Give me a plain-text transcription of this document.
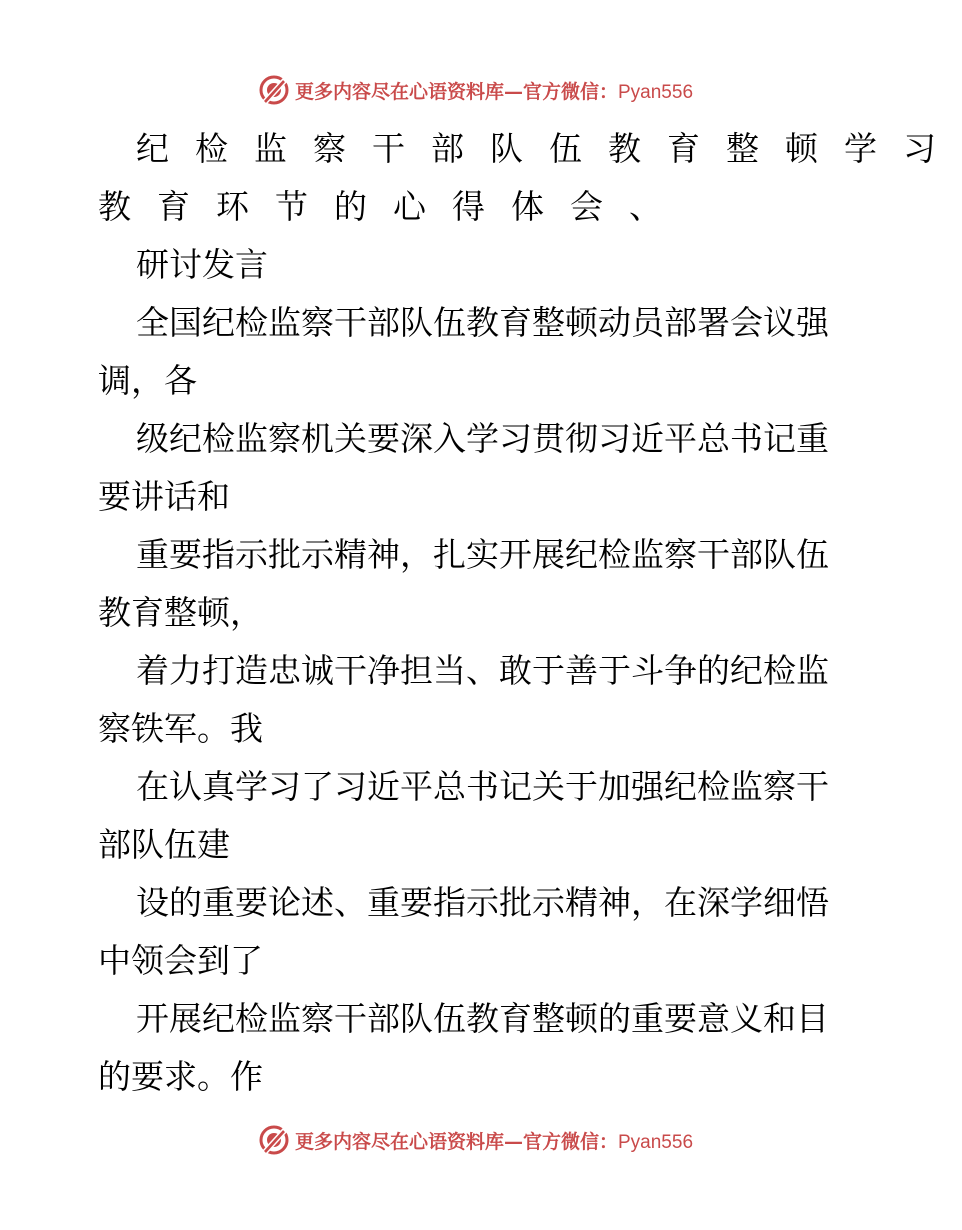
更多内容尽在心语资料库—官方微信：Pyan556
纪检监察干部队伍教育整顿学习
教育环节的心得体会、
研讨发言
全国纪检监察干部队伍教育整顿动员部署会议强
调，各
级纪检监察机关要深入学习贯彻习近平总书记重
要讲话和
重要指示批示精神，扎实开展纪检监察干部队伍
教育整顿，
着力打造忠诚干净担当、敢于善于斗争的纪检监
察铁军。我
在认真学习了习近平总书记关于加强纪检监察干
部队伍建
设的重要论述、重要指示批示精神，在深学细悟
中领会到了
开展纪检监察干部队伍教育整顿的重要意义和目
的要求。作
更多内容尽在心语资料库—官方微信：Pyan556
